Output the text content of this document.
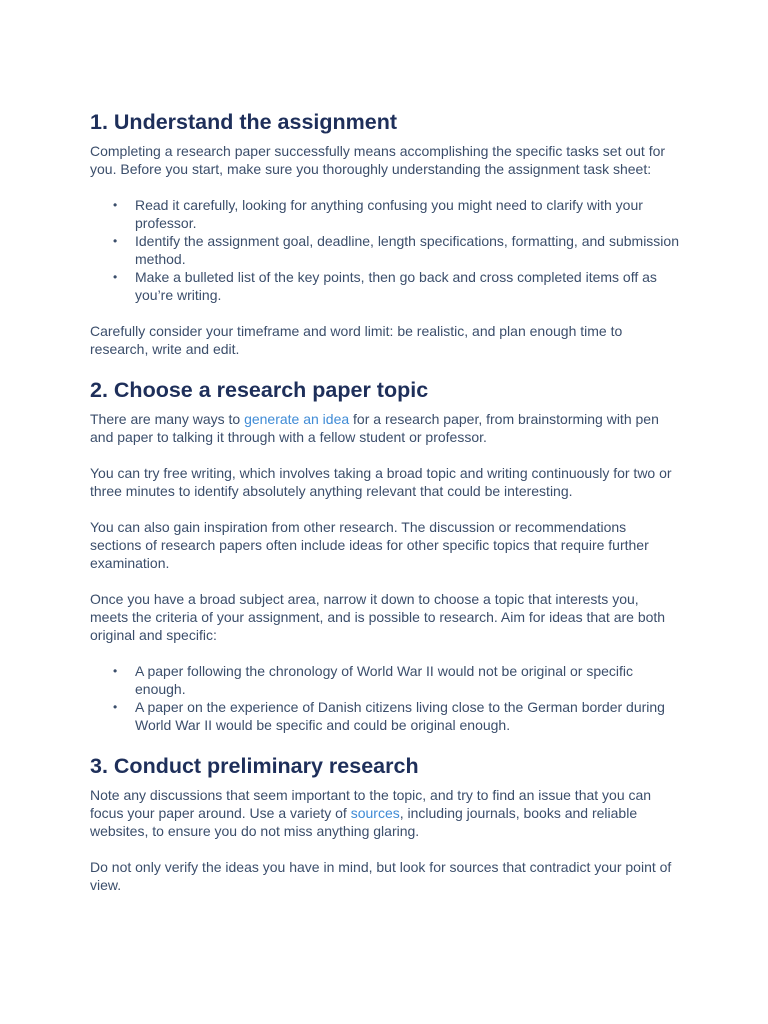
1. Understand the assignment

Completing a research paper successfully means accomplishing the specific tasks set out for you. Before you start, make sure you thoroughly understanding the assignment task sheet:

• Read it carefully, looking for anything confusing you might need to clarify with your professor.
• Identify the assignment goal, deadline, length specifications, formatting, and submission method.
• Make a bulleted list of the key points, then go back and cross completed items off as you’re writing.

Carefully consider your timeframe and word limit: be realistic, and plan enough time to research, write and edit.

2. Choose a research paper topic

There are many ways to generate an idea for a research paper, from brainstorming with pen and paper to talking it through with a fellow student or professor.

You can try free writing, which involves taking a broad topic and writing continuously for two or three minutes to identify absolutely anything relevant that could be interesting.

You can also gain inspiration from other research. The discussion or recommendations sections of research papers often include ideas for other specific topics that require further examination.

Once you have a broad subject area, narrow it down to choose a topic that interests you, meets the criteria of your assignment, and is possible to research. Aim for ideas that are both original and specific:

• A paper following the chronology of World War II would not be original or specific enough.
• A paper on the experience of Danish citizens living close to the German border during World War II would be specific and could be original enough.
3. Conduct preliminary research

Note any discussions that seem important to the topic, and try to find an issue that you can focus your paper around. Use a variety of sources, including journals, books and reliable websites, to ensure you do not miss anything glaring.

Do not only verify the ideas you have in mind, but look for sources that contradict your point of view.
